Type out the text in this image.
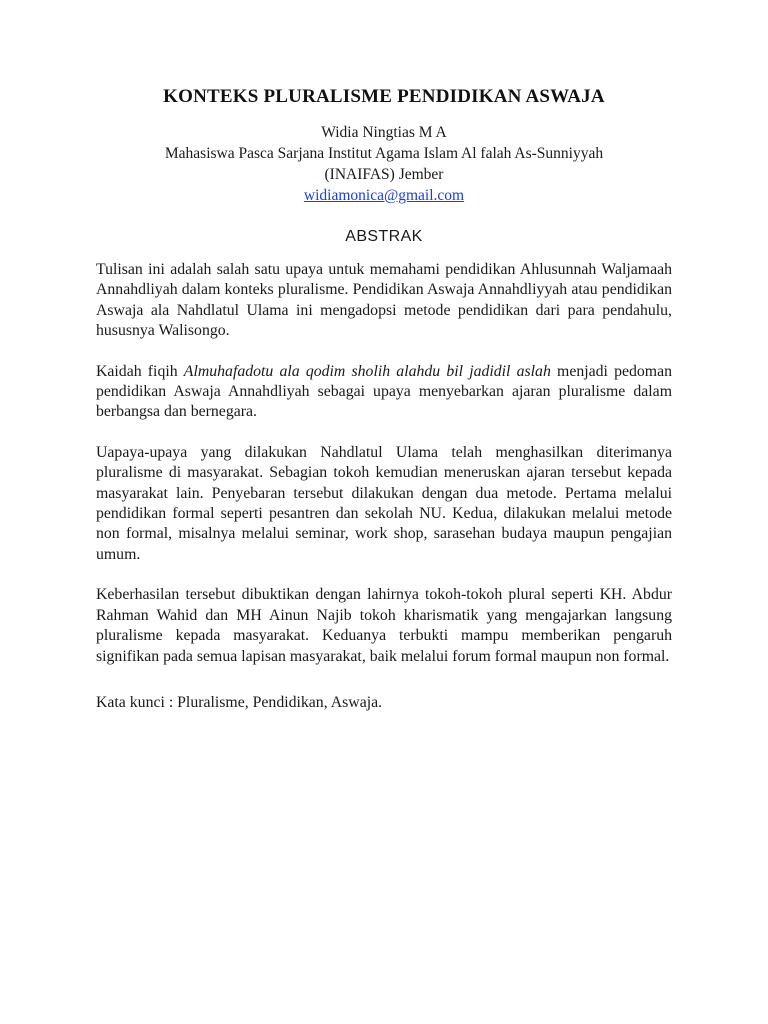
KONTEKS PLURALISME PENDIDIKAN ASWAJA
Widia Ningtias M A
Mahasiswa Pasca Sarjana Institut Agama Islam Al falah As-Sunniyyah
(INAIFAS) Jember
widiamonica@gmail.com
ABSTRAK

Tulisan ini adalah salah satu upaya untuk memahami pendidikan Ahlusunnah Waljamaah Annahdliyah dalam konteks pluralisme. Pendidikan Aswaja Annahdliyyah atau pendidikan Aswaja ala Nahdlatul Ulama ini mengadopsi metode pendidikan dari para pendahulu, hususnya Walisongo.

Kaidah fiqih Almuhafadotu ala qodim sholih alahdu bil jadidil aslah menjadi pedoman pendidikan Aswaja Annahdliyah sebagai upaya menyebarkan ajaran pluralisme dalam berbangsa dan bernegara.

Uapaya-upaya yang dilakukan Nahdlatul Ulama telah menghasilkan diterimanya pluralisme di masyarakat. Sebagian tokoh kemudian meneruskan ajaran tersebut kepada masyarakat lain. Penyebaran tersebut dilakukan dengan dua metode. Pertama melalui pendidikan formal seperti pesantren dan sekolah NU. Kedua, dilakukan melalui metode non formal, misalnya melalui seminar, work shop, sarasehan budaya maupun pengajian umum.

Keberhasilan tersebut dibuktikan dengan lahirnya tokoh-tokoh plural seperti KH. Abdur Rahman Wahid dan MH Ainun Najib tokoh kharismatik yang mengajarkan langsung pluralisme kepada masyarakat. Keduanya terbukti mampu memberikan pengaruh signifikan pada semua lapisan masyarakat, baik melalui forum formal maupun non formal.

Kata kunci : Pluralisme, Pendidikan, Aswaja.
